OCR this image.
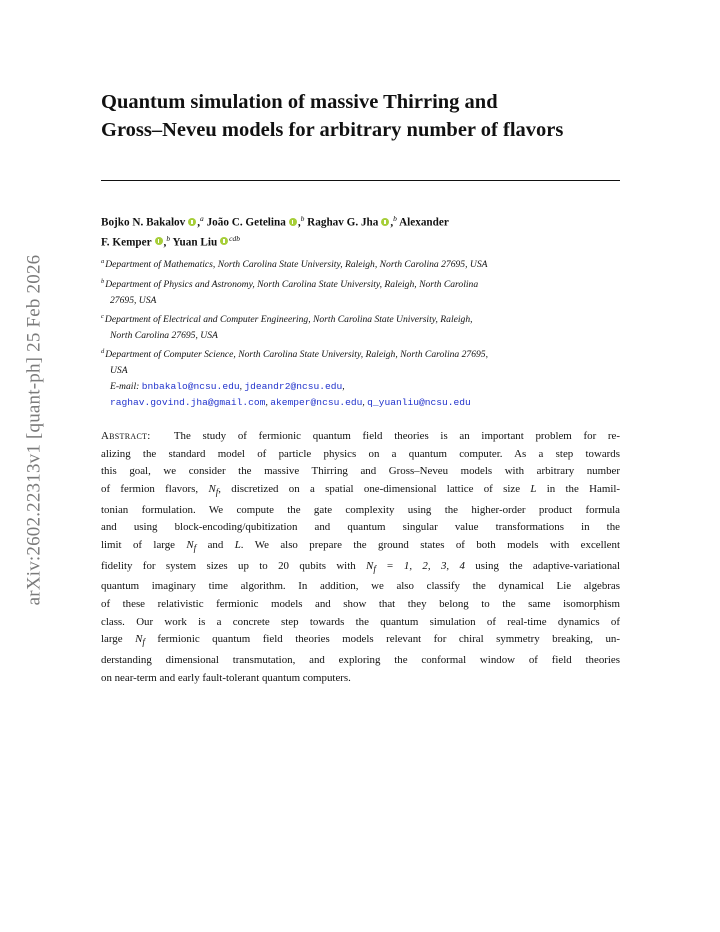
arXiv:2602.22313v1 [quant-ph] 25 Feb 2026
Quantum simulation of massive Thirring and
Gross–Neveu models for arbitrary number of flavors
Bojko N. Bakalov ,$^a$ João C. Getelina ,$^b$ Raghav G. Jha ,$^b$ Alexander
F. Kemper ,$^b$ Yuan Liu $^{cdb}$
$^a$Department of Mathematics, North Carolina State University, Raleigh, North Carolina 27695, USA
$^b$Department of Physics and Astronomy, North Carolina State University, Raleigh, North Carolina
27695, USA
$^c$Department of Electrical and Computer Engineering, North Carolina State University, Raleigh,
North Carolina 27695, USA
$^d$Department of Computer Science, North Carolina State University, Raleigh, North Carolina 27695,
USA
E-mail: bnbakalo@ncsu.edu, jdeandr2@ncsu.edu,
raghav.govind.jha@gmail.com, akemper@ncsu.edu, q_yuanliu@ncsu.edu
Abstract: The study of fermionic quantum field theories is an important problem for re-
alizing the standard model of particle physics on a quantum computer. As a step towards
this goal, we consider the massive Thirring and Gross–Neveu models with arbitrary number
of fermion flavors, $N_f$, discretized on a spatial one-dimensional lattice of size L in the Hamil-
tonian formulation. We compute the gate complexity using the higher-order product formula
and using block-encoding/qubitization and quantum singular value transformations in the
limit of large $N_f$ and L. We also prepare the ground states of both models with excellent
fidelity for system sizes up to 20 qubits with $N_f = 1$, 2, 3, 4 using the adaptive-variational
quantum imaginary time algorithm. In addition, we also classify the dynamical Lie algebras
of these relativistic fermionic models and show that they belong to the same isomorphism
class. Our work is a concrete step towards the quantum simulation of real-time dynamics of
large $N_f$ fermionic quantum field theories models relevant for chiral symmetry breaking, un-
derstanding dimensional transmutation, and exploring the conformal window of field theories
on near-term and early fault-tolerant quantum computers.
